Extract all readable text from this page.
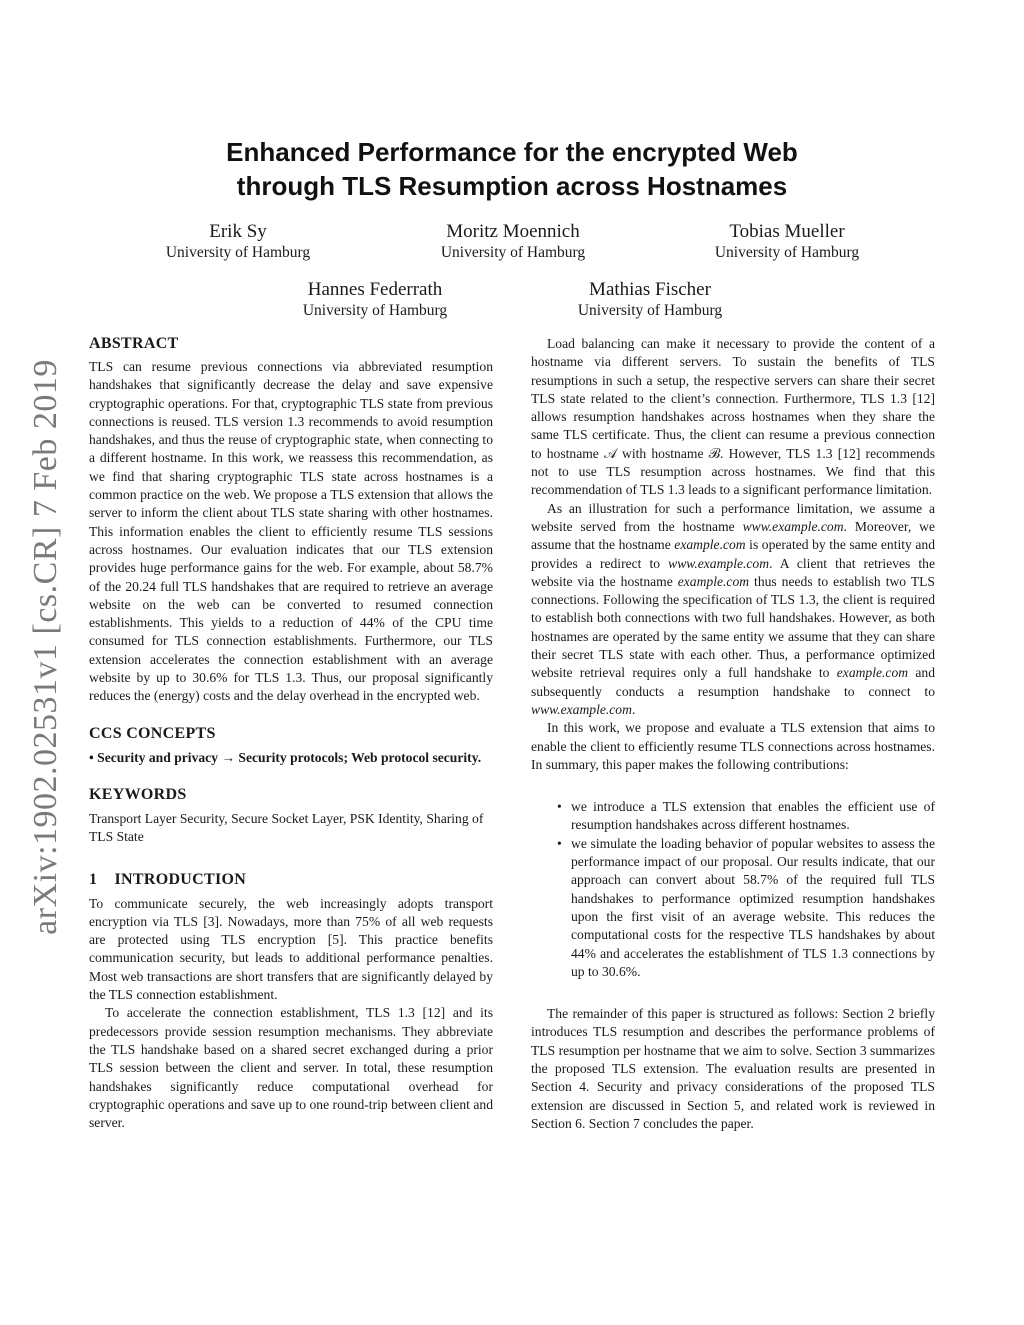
arXiv:1902.02531v1 [cs.CR] 7 Feb 2019
Enhanced Performance for the encrypted Web
through TLS Resumption across Hostnames
Erik Sy
University of Hamburg
Moritz Moennich
University of Hamburg
Tobias Mueller
University of Hamburg
Hannes Federrath
University of Hamburg
Mathias Fischer
University of Hamburg
ABSTRACT

TLS can resume previous connections via abbreviated resumption handshakes that significantly decrease the delay and save expensive cryptographic operations. For that, cryptographic TLS state from previous connections is reused. TLS version 1.3 recommends to avoid resumption handshakes, and thus the reuse of cryptographic state, when connecting to a different hostname. In this work, we reassess this recommendation, as we find that sharing cryptographic TLS state across hostnames is a common practice on the web. We propose a TLS extension that allows the server to inform the client about TLS state sharing with other hostnames. This information enables the client to efficiently resume TLS sessions across hostnames. Our evaluation indicates that our TLS extension provides huge performance gains for the web. For example, about 58.7% of the 20.24 full TLS handshakes that are required to retrieve an average website on the web can be converted to resumed connection establishments. This yields to a reduction of 44% of the CPU time consumed for TLS connection establishments. Furthermore, our TLS extension accelerates the connection establishment with an average website by up to 30.6% for TLS 1.3. Thus, our proposal significantly reduces the (energy) costs and the delay overhead in the encrypted web.

CCS CONCEPTS

• Security and privacy → Security protocols; Web protocol security.

KEYWORDS

Transport Layer Security, Secure Socket Layer, PSK Identity, Sharing of TLS State

1    INTRODUCTION

To communicate securely, the web increasingly adopts transport encryption via TLS [3]. Nowadays, more than 75% of all web requests are protected using TLS encryption [5]. This practice benefits communication security, but leads to additional performance penalties. Most web transactions are short transfers that are significantly delayed by the TLS connection establishment.

To accelerate the connection establishment, TLS 1.3 [12] and its predecessors provide session resumption mechanisms. They abbreviate the TLS handshake based on a shared secret exchanged during a prior TLS session between the client and server. In total, these resumption handshakes significantly reduce computational overhead for cryptographic operations and save up to one round-trip between client and server.

Load balancing can make it necessary to provide the content of a hostname via different servers. To sustain the benefits of TLS resumptions in such a setup, the respective servers can share their secret TLS state related to the client’s connection. Furthermore, TLS 1.3 [12] allows resumption handshakes across hostnames when they share the same TLS certificate. Thus, the client can resume a previous connection to hostname 𝒜 with hostname ℬ. However, TLS 1.3 [12] recommends not to use TLS resumption across hostnames. We find that this recommendation of TLS 1.3 leads to a significant performance limitation.

As an illustration for such a performance limitation, we assume a website served from the hostname www.example.com. Moreover, we assume that the hostname example.com is operated by the same entity and provides a redirect to www.example.com. A client that retrieves the website via the hostname example.com thus needs to establish two TLS connections. Following the specification of TLS 1.3, the client is required to establish both connections with two full handshakes. However, as both hostnames are operated by the same entity we assume that they can share their secret TLS state with each other. Thus, a performance optimized website retrieval requires only a full handshake to example.com and subsequently conducts a resumption handshake to connect to www.example.com.

In this work, we propose and evaluate a TLS extension that aims to enable the client to efficiently resume TLS connections across hostnames. In summary, this paper makes the following contributions:

• we introduce a TLS extension that enables the efficient use of resumption handshakes across different hostnames.
• we simulate the loading behavior of popular websites to assess the performance impact of our proposal. Our results indicate, that our approach can convert about 58.7% of the required full TLS handshakes to performance optimized resumption handshakes upon the first visit of an average website. This reduces the computational costs for the respective TLS handshakes by about 44% and accelerates the establishment of TLS 1.3 connections by up to 30.6%.

The remainder of this paper is structured as follows: Section 2 briefly introduces TLS resumption and describes the performance problems of TLS resumption per hostname that we aim to solve. Section 3 summarizes the proposed TLS extension. The evaluation results are presented in Section 4. Security and privacy considerations of the proposed TLS extension are discussed in Section 5, and related work is reviewed in Section 6. Section 7 concludes the paper.
